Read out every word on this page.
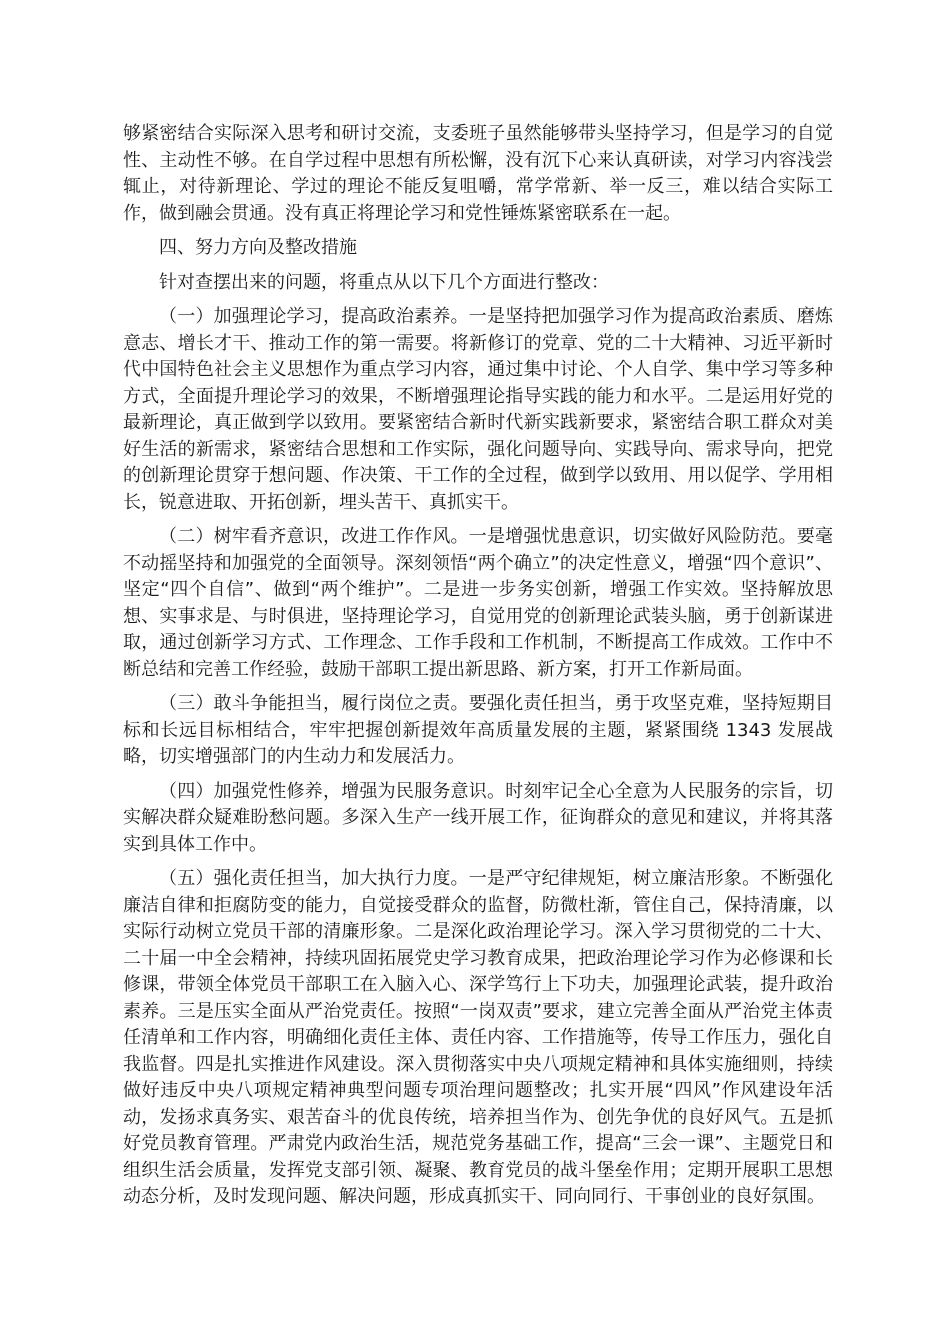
够紧密结合实际深入思考和研讨交流，支委班子虽然能够带头坚持学习，但是学习的自觉性、主动性不够。在自学过程中思想有所松懈，没有沉下心来认真研读，对学习内容浅尝辄止，对待新理论、学过的理论不能反复咀嚼，常学常新、举一反三，难以结合实际工作，做到融会贯通。没有真正将理论学习和党性锤炼紧密联系在一起。

四、努力方向及整改措施

针对查摆出来的问题，将重点从以下几个方面进行整改：

（一）加强理论学习，提高政治素养。一是坚持把加强学习作为提高政治素质、磨炼意志、增长才干、推动工作的第一需要。将新修订的党章、党的二十大精神、习近平新时代中国特色社会主义思想作为重点学习内容，通过集中讨论、个人自学、集中学习等多种方式，全面提升理论学习的效果，不断增强理论指导实践的能力和水平。二是运用好党的最新理论，真正做到学以致用。要紧密结合新时代新实践新要求，紧密结合职工群众对美好生活的新需求，紧密结合思想和工作实际，强化问题导向、实践导向、需求导向，把党的创新理论贯穿于想问题、作决策、干工作的全过程，做到学以致用、用以促学、学用相长，锐意进取、开拓创新，埋头苦干、真抓实干。

（二）树牢看齐意识，改进工作作风。一是增强忧患意识，切实做好风险防范。要毫不动摇坚持和加强党的全面领导。深刻领悟“两个确立”的决定性意义，增强“四个意识”、坚定“四个自信”、做到“两个维护”。二是进一步务实创新，增强工作实效。坚持解放思想、实事求是、与时俱进，坚持理论学习，自觉用党的创新理论武装头脑，勇于创新谋进取，通过创新学习方式、工作理念、工作手段和工作机制，不断提高工作成效。工作中不断总结和完善工作经验，鼓励干部职工提出新思路、新方案，打开工作新局面。

（三）敢斗争能担当，履行岗位之责。要强化责任担当，勇于攻坚克难，坚持短期目标和长远目标相结合，牢牢把握创新提效年高质量发展的主题，紧紧围绕 1343 发展战略，切实增强部门的内生动力和发展活力。

（四）加强党性修养，增强为民服务意识。时刻牢记全心全意为人民服务的宗旨，切实解决群众疑难盼愁问题。多深入生产一线开展工作，征询群众的意见和建议，并将其落实到具体工作中。

（五）强化责任担当，加大执行力度。一是严守纪律规矩，树立廉洁形象。不断强化廉洁自律和拒腐防变的能力，自觉接受群众的监督，防微杜渐，管住自己，保持清廉，以实际行动树立党员干部的清廉形象。二是深化政治理论学习。深入学习贯彻党的二十大、二十届一中全会精神，持续巩固拓展党史学习教育成果，把政治理论学习作为必修课和长修课，带领全体党员干部职工在入脑入心、深学笃行上下功夫，加强理论武装，提升政治素养。三是压实全面从严治党责任。按照“一岗双责”要求，建立完善全面从严治党主体责任清单和工作内容，明确细化责任主体、责任内容、工作措施等，传导工作压力，强化自我监督。四是扎实推进作风建设。深入贯彻落实中央八项规定精神和具体实施细则，持续做好违反中央八项规定精神典型问题专项治理问题整改；扎实开展“四风”作风建设年活动，发扬求真务实、艰苦奋斗的优良传统，培养担当作为、创先争优的良好风气。五是抓好党员教育管理。严肃党内政治生活，规范党务基础工作，提高“三会一课”、主题党日和组织生活会质量，发挥党支部引领、凝聚、教育党员的战斗堡垒作用；定期开展职工思想动态分析，及时发现问题、解决问题，形成真抓实干、同向同行、干事创业的良好氛围。
